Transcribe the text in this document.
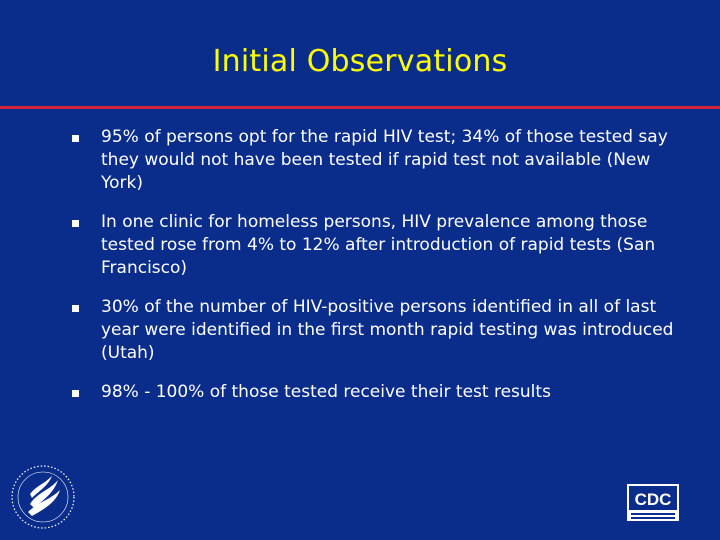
Initial Observations
95% of persons opt for the rapid HIV test; 34% of those tested say they would not have been tested if rapid test not available (New York)
In one clinic for homeless persons, HIV prevalence among those tested rose from 4% to 12% after introduction of rapid tests (San Francisco)
30% of the number of HIV-positive persons identified in all of last year were identified in the first month rapid testing was introduced (Utah)
98% - 100% of those tested receive their test results
CDC
